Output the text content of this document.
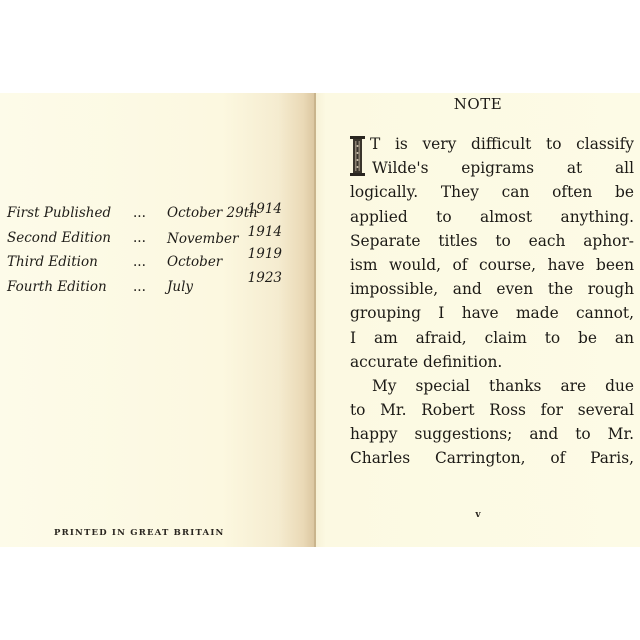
First Published ... October 29th
1914
Second Edition ... November 1914
Third Edition	... October 1919
Fourth Edition ... July
1923
PRINTED IN GREAT BRITAIN
NOTE
T is very difficult to classify
Wilde's epigrams at all
logically. They can often be
applied to almost anything.
Separate titles to each aphor-
ism would, of course, have been
impossible, and even the rough
grouping I have made cannot,
I am afraid, claim to be an
accurate definition.
My special thanks are due
to Mr. Robert Ross for several
happy suggestions; and to Mr.
Charles Carrington, of Paris,
v
